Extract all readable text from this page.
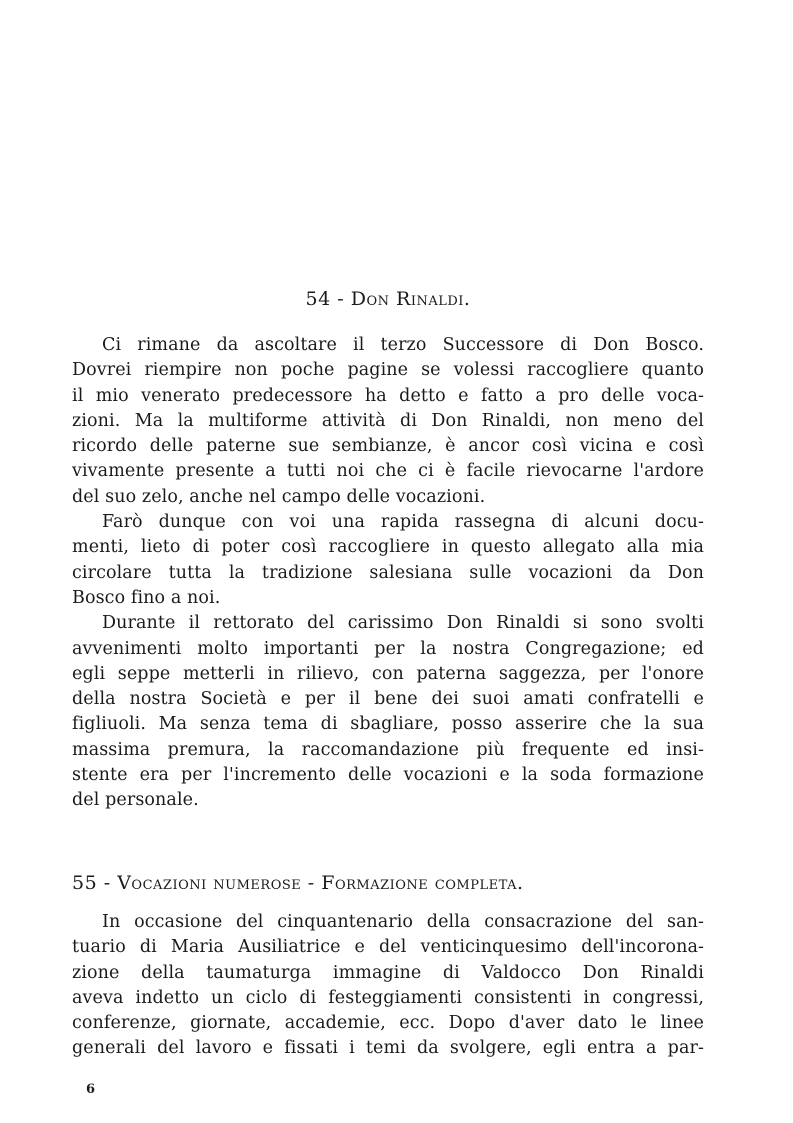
54 - Don Rinaldi.
Ci rimane da ascoltare il terzo Successore di Don Bosco.
Dovrei riempire non poche pagine se volessi raccogliere quanto
il mio venerato predecessore ha detto e fatto a pro delle voca-
zioni. Ma la multiforme attività di Don Rinaldi, non meno del
ricordo delle paterne sue sembianze, è ancor così vicina e così
vivamente presente a tutti noi che ci è facile rievocarne l'ardore
del suo zelo, anche nel campo delle vocazioni.
Farò dunque con voi una rapida rassegna di alcuni docu-
menti, lieto di poter così raccogliere in questo allegato alla mia
circolare tutta la tradizione salesiana sulle vocazioni da Don
Bosco fino a noi.
Durante il rettorato del carissimo Don Rinaldi si sono svolti
avvenimenti molto importanti per la nostra Congregazione; ed
egli seppe metterli in rilievo, con paterna saggezza, per l'onore
della nostra Società e per il bene dei suoi amati confratelli e
figliuoli. Ma senza tema di sbagliare, posso asserire che la sua
massima premura, la raccomandazione più frequente ed insi-
stente era per l'incremento delle vocazioni e la soda formazione
del personale.
55 - Vocazioni numerose - Formazione completa.
In occasione del cinquantenario della consacrazione del san-
tuario di Maria Ausiliatrice e del venticinquesimo dell'incorona-
zione della taumaturga immagine di Valdocco Don Rinaldi
aveva indetto un ciclo di festeggiamenti consistenti in congressi,
conferenze, giornate, accademie, ecc. Dopo d'aver dato le linee
generali del lavoro e fissati i temi da svolgere, egli entra a par-
6
